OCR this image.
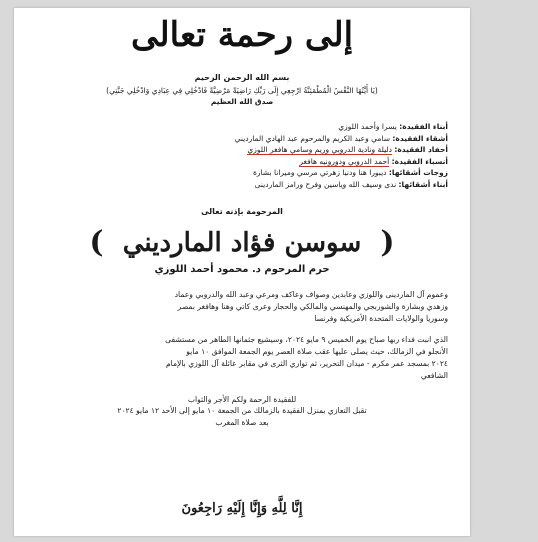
إلى رحمة تعالى
بسم الله الرحمن الرحيم
(يَا أَيَّتُهَا النَّفْسُ الْمُطْمَئِنَّةُ ارْجِعِي إِلَى رَبِّكِ رَاضِيَةً مَرْضِيَّةً فَادْخُلِي فِي عِبَادِي وَادْخُلِي جَنَّتِي)
صدق الله العظيم
أبناء الفقيدة: يسرا وأحمد اللوزي
أشقاء الفقيدة: سامي وعبد الكريم والمرحوم عبد الهادي المارديني
أحفاد الفقيدة: دليلة ونادية الدروبي وريم وسامي هافغر اللوزي
أنسباء الفقيدة: أحمد الدروبي ودورونيه هافغر
زوجات أشقائها: ديبورا هنا ودنيا زهرتي مرسي وميرانا بشارة
أبناء أشقائها: ندى وسيف الله وياسين وفرح ورامز الماردينى
المرحومة بإذنه تعالى
( سوسن فؤاد المارديني )
حرم المرحوم د. محمود أحمد اللوزي
وعموم آل الماردينى واللوزي وعابدين وصواف وعاكف ومرعي وعبد الله والدروبي وعماد
وزهدي وبشارة والشوربجي والمهنسي والمالكي والحجار وعرى كاتي وهنا وهافغر بمصر
وسوريا والولايات المتحدة الأمريكية وفرنسا
الذي انبت فداء ربها صباح يوم الخميس ٩ مايو ٢٠٢٤، وسيشيع جثمانها الطاهر من مستشفى
الأنجلو في الزمالك، حيث يصلى عليها عقب صلاة العصر يوم الجمعة الموافق ١٠ مايو
٢٠٢٤ بمسجد عمر مكرم - ميدان التحرير، ثم تواري الثرى في مقابر عائلة آل اللوزي بالإمام
الشافعي
للفقيدة الرحمة ولكم الأجر والثواب
تقبل التعازي بمنزل الفقيدة بالزمالك من الجمعة ١٠ مايو إلى الأحد ١٢ مايو ٢٠٢٤
بعد صلاة المغرب
إِنَّا لِلَّهِ وَإِنَّا إِلَيْهِ رَاجِعُونَ
